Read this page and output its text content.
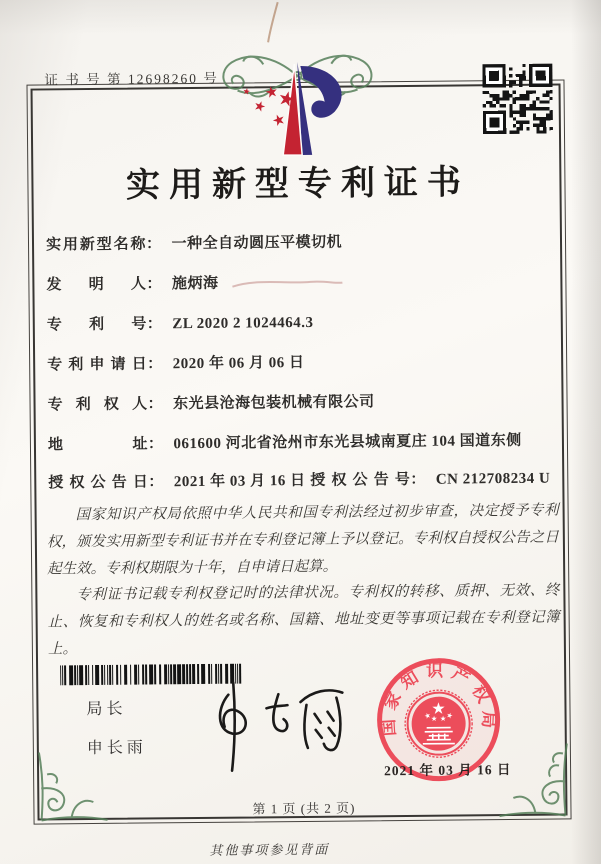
证 书 号 第 12698260 号
实用新型专利证书
实用新型名称： 一种全自动圆压平模切机
发明人： 施炳海
专利号： ZL 2020 2 1024464.3
专利申请日： 2020 年 06 月 06 日
专利权人： 东光县沧海包装机械有限公司
地址： 061600 河北省沧州市东光县城南夏庄 104 国道东侧
授权公告日： 2021 年 03 月 16 日 授权公告号： CN 212708234 U

国家知识产权局依照中华人民共和国专利法经过初步审查，决定授予专利权，颁发实用新型专利证书并在专利登记簿上予以登记。专利权自授权公告之日起生效。专利权期限为十年，自申请日起算。

专利证书记载专利权登记时的法律状况。专利权的转移、质押、无效、终止、恢复和专利权人的姓名或名称、国籍、地址变更等事项记载在专利登记簿上。

局长
申长雨
国家知识产权局
2021 年 03 月 16 日
第 1 页 (共 2 页)
其他事项参见背面
